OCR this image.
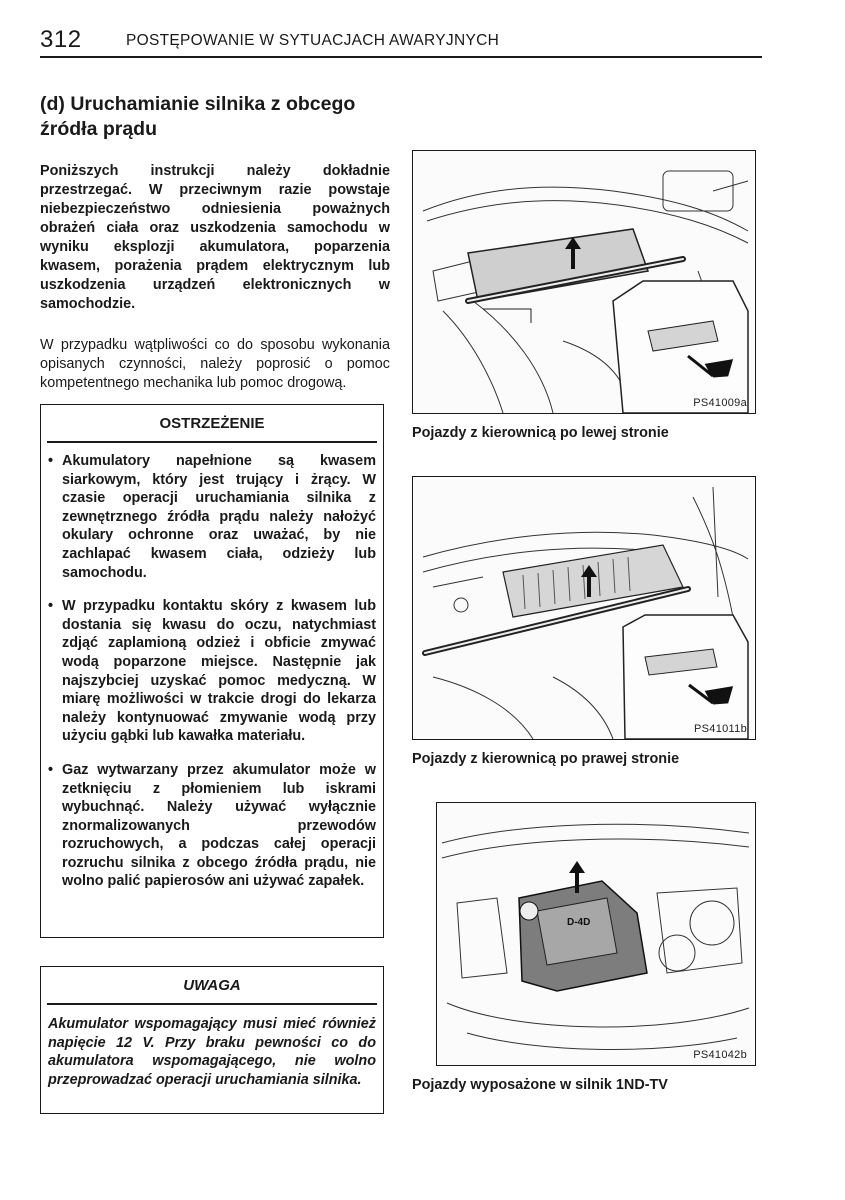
312	POSTĘPOWANIE W SYTUACJACH AWARYJNYCH
(d) Uruchamianie silnika z obcego źródła prądu

Poniższych instrukcji należy dokładnie przestrzegać. W przeciwnym razie powstaje niebezpieczeństwo odniesienia poważnych obrażeń ciała oraz uszkodzenia samochodu w wyniku eksplozji akumulatora, poparzenia kwasem, porażenia prądem elektrycznym lub uszkodzenia urządzeń elektronicznych w samochodzie.

W przypadku wątpliwości co do sposobu wykonania opisanych czynności, należy poprosić o pomoc kompetentnego mechanika lub pomoc drogową.

OSTRZEŻENIE
• Akumulatory napełnione są kwasem siarkowym, który jest trujący i żrący. W czasie operacji uruchamiania silnika z zewnętrznego źródła prądu należy nałożyć okulary ochronne oraz uważać, by nie zachlapać kwasem ciała, odzieży lub samochodu.
• W przypadku kontaktu skóry z kwasem lub dostania się kwasu do oczu, natychmiast zdjąć zaplamioną odzież i obficie zmywać wodą poparzone miejsce. Następnie jak najszybciej uzyskać pomoc medyczną. W miarę możliwości w trakcie drogi do lekarza należy kontynuować zmywanie wodą przy użyciu gąbki lub kawałka materiału.
• Gaz wytwarzany przez akumulator może w zetknięciu z płomieniem lub iskrami wybuchnąć. Należy używać wyłącznie znormalizowanych przewodów rozruchowych, a podczas całej operacji rozruchu silnika z obcego źródła prądu, nie wolno palić papierosów ani używać zapałek.
UWAGA
Akumulator wspomagający musi mieć również napięcie 12 V. Przy braku pewności co do akumulatora wspomagającego, nie wolno przeprowadzać operacji uruchamiania silnika.
PS41009a
Pojazdy z kierownicą po lewej stronie
PS41011b
Pojazdy z kierownicą po prawej stronie
D-4D
PS41042b
Pojazdy wyposażone w silnik 1ND-TV
